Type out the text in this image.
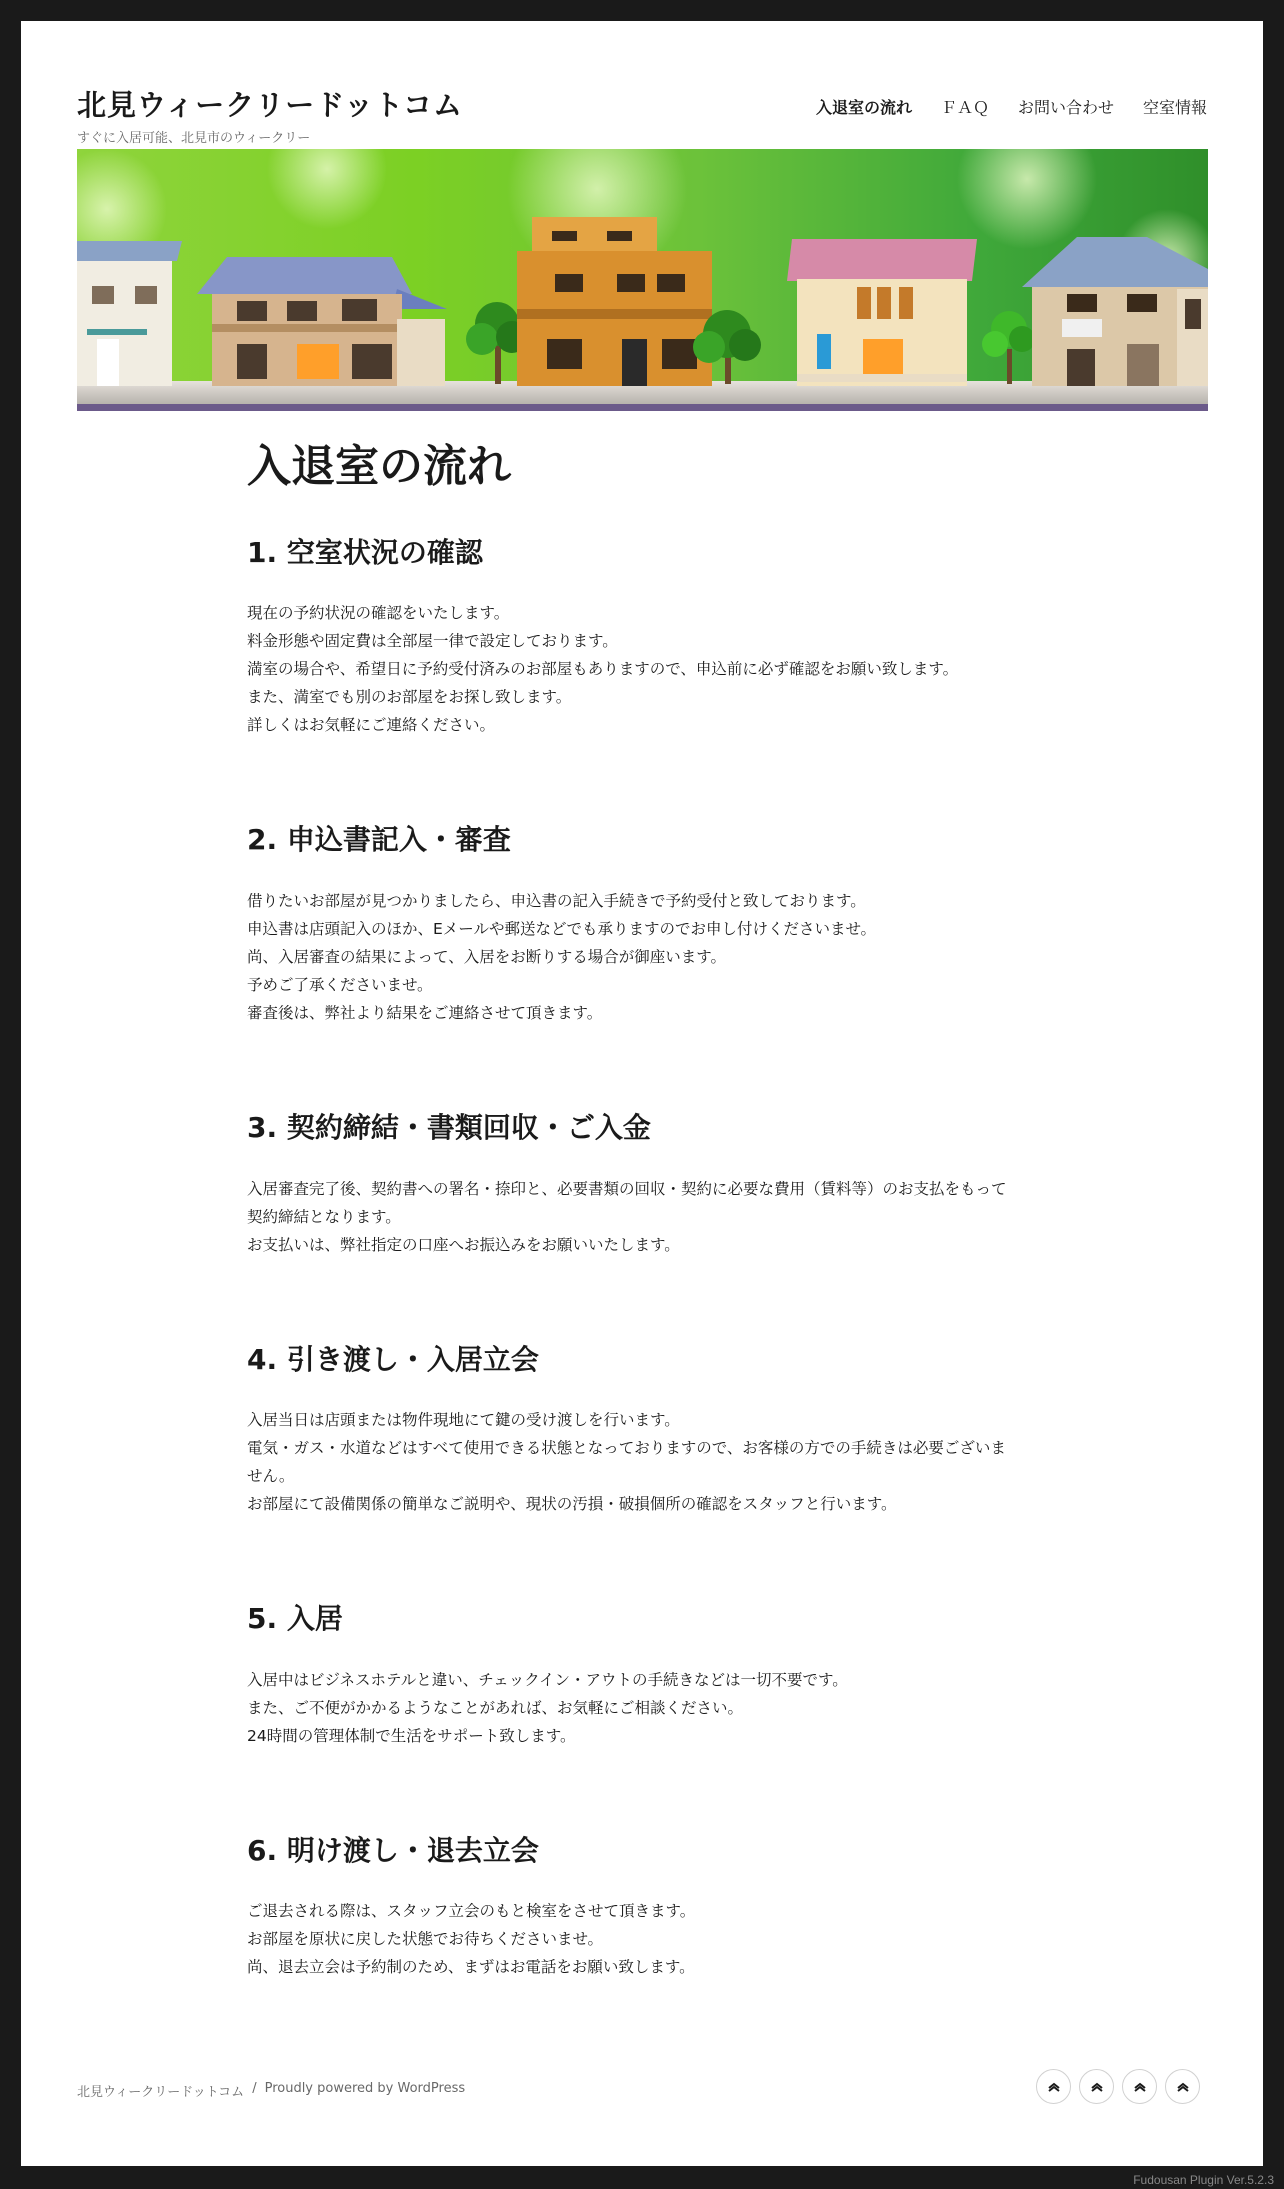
北見ウィークリードットコム
すぐに入居可能、北見市のウィークリー
入退室の流れ ＦＡＱ お問い合わせ 空室情報
入退室の流れ
1. 空室状況の確認

現在の予約状況の確認をいたします。
料金形態や固定費は全部屋一律で設定しております。
満室の場合や、希望日に予約受付済みのお部屋もありますので、申込前に必ず確認をお願い致します。
また、満室でも別のお部屋をお探し致します。
詳しくはお気軽にご連絡ください。

2. 申込書記入・審査

借りたいお部屋が見つかりましたら、申込書の記入手続きで予約受付と致しております。
申込書は店頭記入のほか、Eメールや郵送などでも承りますのでお申し付けくださいませ。
尚、入居審査の結果によって、入居をお断りする場合が御座います。
予めご了承くださいませ。
審査後は、弊社より結果をご連絡させて頂きます。

3. 契約締結・書類回収・ご入金

入居審査完了後、契約書への署名・捺印と、必要書類の回収・契約に必要な費用（賃料等）のお支払をもって
契約締結となります。
お支払いは、弊社指定の口座へお振込みをお願いいたします。

4. 引き渡し・入居立会

入居当日は店頭または物件現地にて鍵の受け渡しを行います。
電気・ガス・水道などはすべて使用できる状態となっておりますので、お客様の方での手続きは必要ございま
せん。
お部屋にて設備関係の簡単なご説明や、現状の汚損・破損個所の確認をスタッフと行います。

5. 入居

入居中はビジネスホテルと違い、チェックイン・アウトの手続きなどは一切不要です。
また、ご不便がかかるようなことがあれば、お気軽にご相談ください。
24時間の管理体制で生活をサポート致します。

6. 明け渡し・退去立会

ご退去される際は、スタッフ立会のもと検室をさせて頂きます。
お部屋を原状に戻した状態でお待ちくださいませ。
尚、退去立会は予約制のため、まずはお電話をお願い致します。

北見ウィークリードットコム / Proudly powered by WordPress
Fudousan Plugin Ver.5.2.3
